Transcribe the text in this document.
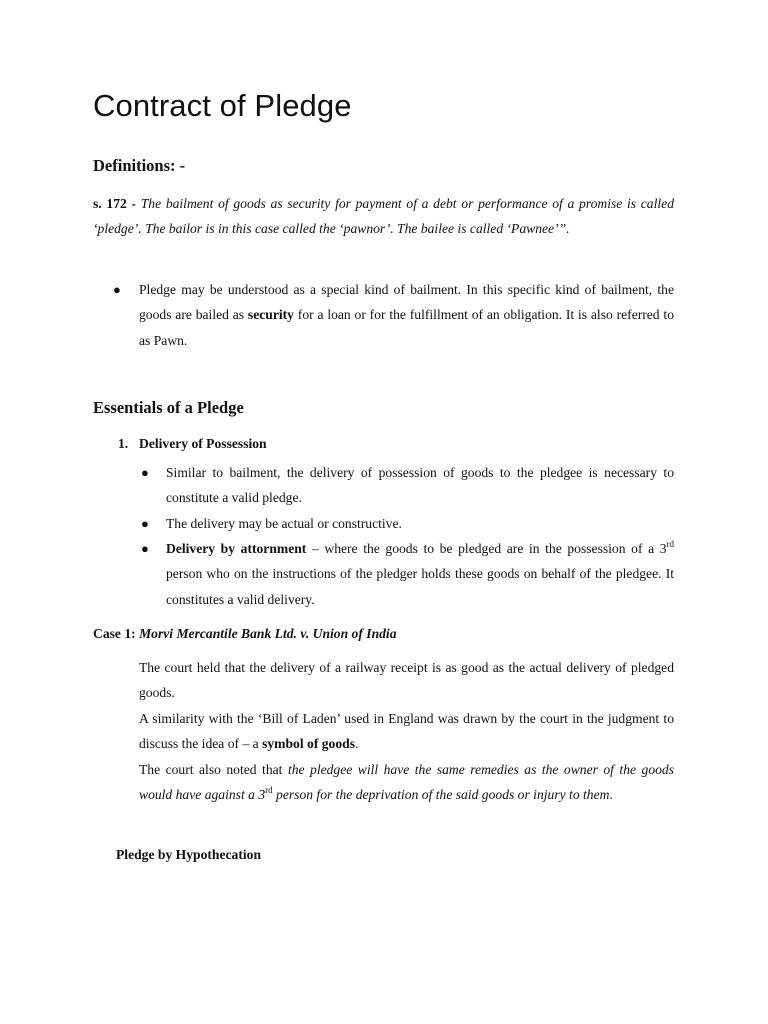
Contract of Pledge
Definitions: -

s. 172 - The bailment of goods as security for payment of a debt or performance of a promise is called ‘pledge’. The bailor is in this case called the ‘pawnor’. The bailee is called ‘Pawnee’”.

● Pledge may be understood as a special kind of bailment. In this specific kind of bailment, the goods are bailed as security for a loan or for the fulfillment of an obligation. It is also referred to as Pawn.

Essentials of a Pledge
1. Delivery of Possession
● Similar to bailment, the delivery of possession of goods to the pledgee is necessary to constitute a valid pledge.

● The delivery may be actual or constructive.

● Delivery by attornment – where the goods to be pledged are in the possession of a 3rd person who on the instructions of the pledger holds these goods on behalf of the pledgee. It constitutes a valid delivery.

Case 1: Morvi Mercantile Bank Ltd. v. Union of India

The court held that the delivery of a railway receipt is as good as the actual delivery of pledged goods.

A similarity with the ‘Bill of Laden’ used in England was drawn by the court in the judgment to discuss the idea of – a symbol of goods.

The court also noted that the pledgee will have the same remedies as the owner of the goods would have against a 3rd person for the deprivation of the said goods or injury to them.

Pledge by Hypothecation
